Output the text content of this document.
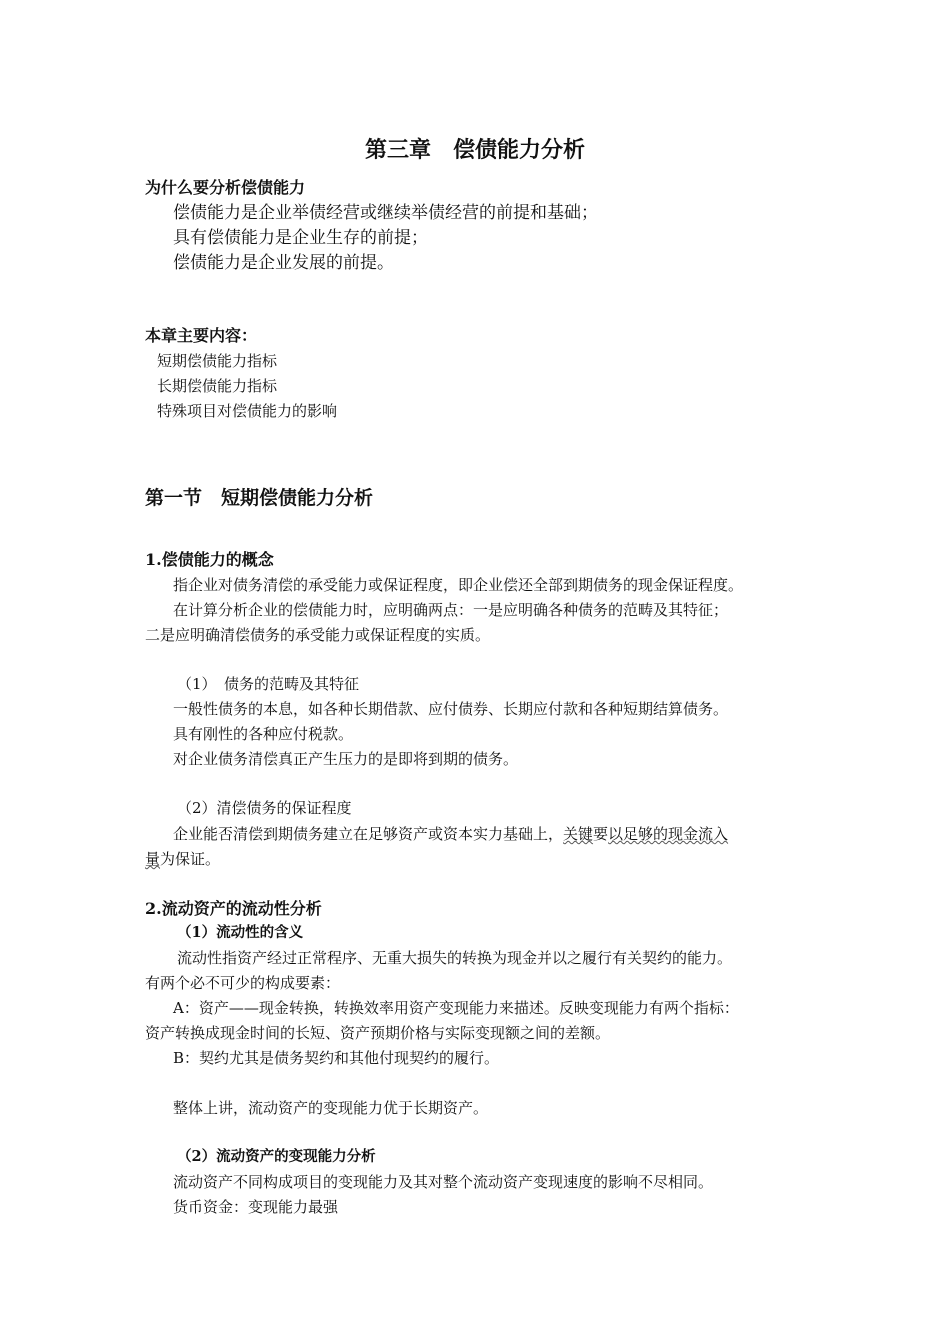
第三章　偿债能力分析
为什么要分析偿债能力
偿债能力是企业举债经营或继续举债经营的前提和基础；
具有偿债能力是企业生存的前提；
偿债能力是企业发展的前提。
本章主要内容：
短期偿债能力指标
长期偿债能力指标
特殊项目对偿债能力的影响
第一节　短期偿债能力分析
1.偿债能力的概念
指企业对债务清偿的承受能力或保证程度，即企业偿还全部到期债务的现金保证程度。
在计算分析企业的偿债能力时，应明确两点：一是应明确各种债务的范畴及其特征；
二是应明确清偿债务的承受能力或保证程度的实质。
（1）　债务的范畴及其特征
一般性债务的本息，如各种长期借款、应付债券、长期应付款和各种短期结算债务。
具有刚性的各种应付税款。
对企业债务清偿真正产生压力的是即将到期的债务。
（2）清偿债务的保证程度
企业能否清偿到期债务建立在足够资产或资本实力基础上，关键要以足够的现金流入
量为保证。
2.流动资产的流动性分析
（1）流动性的含义
流动性指资产经过正常程序、无重大损失的转换为现金并以之履行有关契约的能力。
有两个必不可少的构成要素：
A：资产——现金转换，转换效率用资产变现能力来描述。反映变现能力有两个指标：
资产转换成现金时间的长短、资产预期价格与实际变现额之间的差额。
B：契约尤其是债务契约和其他付现契约的履行。
整体上讲，流动资产的变现能力优于长期资产。
（2）流动资产的变现能力分析
流动资产不同构成项目的变现能力及其对整个流动资产变现速度的影响不尽相同。
货币资金：变现能力最强
